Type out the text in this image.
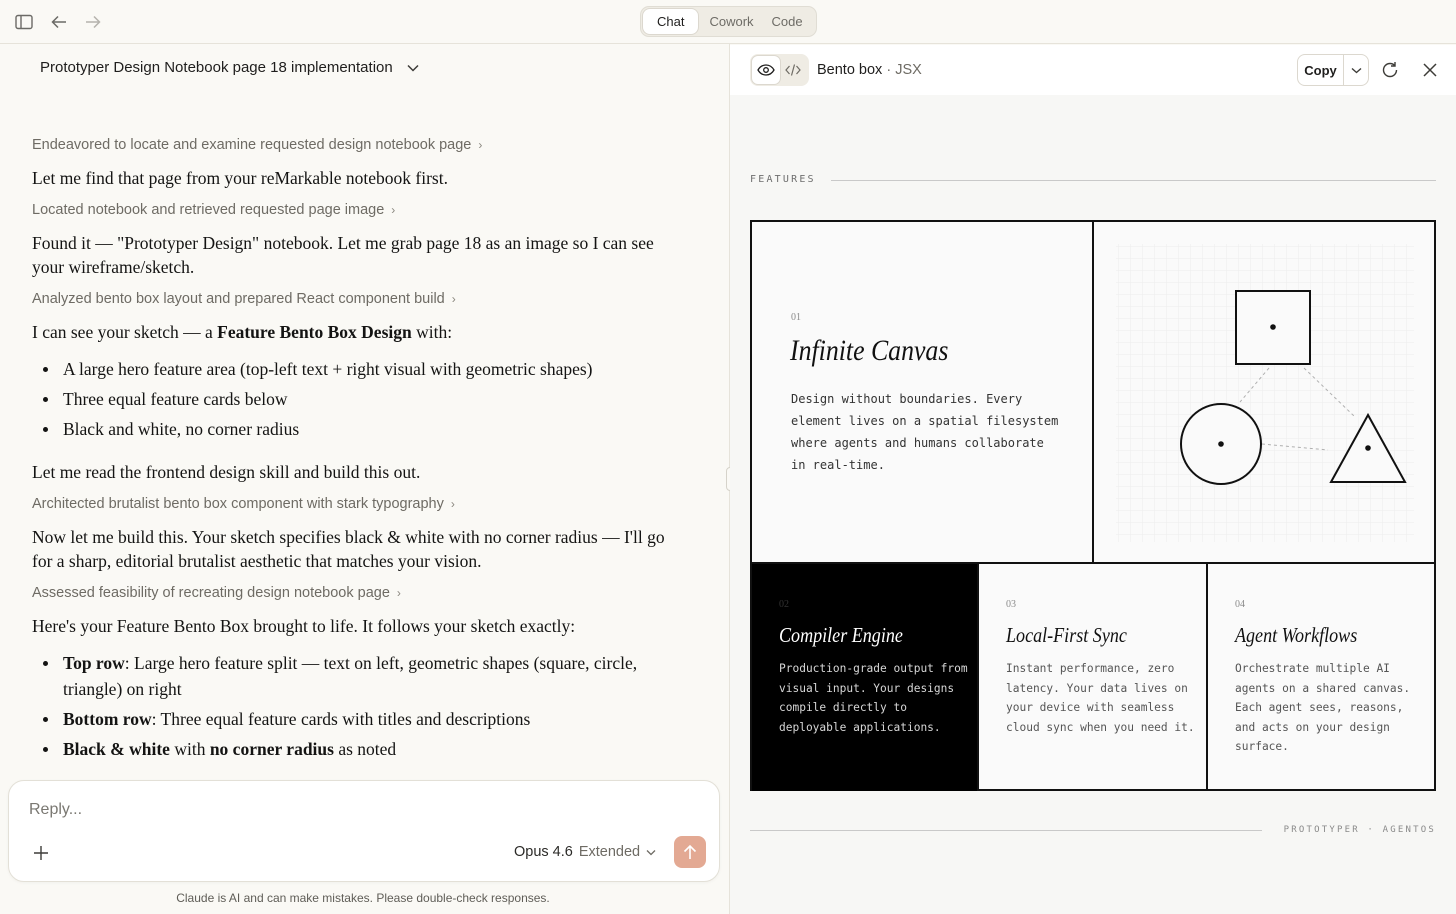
Chat	Cowork	Code
Prototyper Design Notebook page 18 implementation
Endeavored to locate and examine requested design notebook page ›
Let me find that page from your reMarkable notebook first.
Located notebook and retrieved requested page image ›
Found it — "Prototyper Design" notebook. Let me grab page 18 as an image so I can see your wireframe/sketch.
Analyzed bento box layout and prepared React component build ›
I can see your sketch — a Feature Bento Box Design with:
A large hero feature area (top-left text + right visual with geometric shapes)
Three equal feature cards below
Black and white, no corner radius
Let me read the frontend design skill and build this out.
Architected brutalist bento box component with stark typography ›
Now let me build this. Your sketch specifies black & white with no corner radius — I'll go for a sharp, editorial brutalist aesthetic that matches your vision.
Assessed feasibility of recreating design notebook page ›
Here's your Feature Bento Box brought to life. It follows your sketch exactly:
Top row: Large hero feature split — text on left, geometric shapes (square, circle, triangle) on right
Bottom row: Three equal feature cards with titles and descriptions
Black & white with no corner radius as noted
Reply...
Opus 4.6 Extended
Claude is AI and can make mistakes. Please double-check responses.
Bento box · JSX	Copy
FEATURES
01
Infinite Canvas
Design without boundaries. Every element lives on a spatial filesystem where agents and humans collaborate in real-time.
02
Compiler Engine
Production-grade output from visual input. Your designs compile directly to deployable applications.
03
Local-First Sync
Instant performance, zero latency. Your data lives on your device with seamless cloud sync when you need it.
04
Agent Workflows
Orchestrate multiple AI agents on a shared canvas. Each agent sees, reasons, and acts on your design surface.
PROTOTYPER · AGENTOS
